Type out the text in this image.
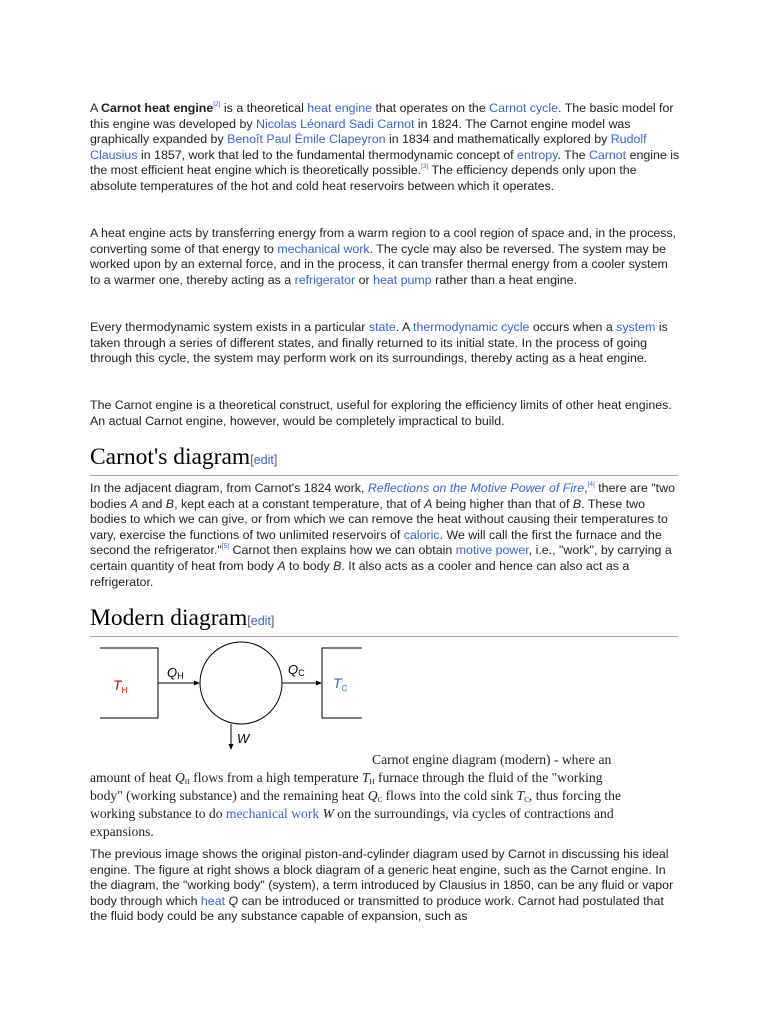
A Carnot heat engine[2] is a theoretical heat engine that operates on the Carnot cycle. The basic model for this engine was developed by Nicolas Léonard Sadi Carnot in 1824. The Carnot engine model was graphically expanded by Benoît Paul Émile Clapeyron in 1834 and mathematically explored by Rudolf Clausius in 1857, work that led to the fundamental thermodynamic concept of entropy. The Carnot engine is the most efficient heat engine which is theoretically possible.[3] The efficiency depends only upon the absolute temperatures of the hot and cold heat reservoirs between which it operates.

A heat engine acts by transferring energy from a warm region to a cool region of space and, in the process, converting some of that energy to mechanical work. The cycle may also be reversed. The system may be worked upon by an external force, and in the process, it can transfer thermal energy from a cooler system to a warmer one, thereby acting as a refrigerator or heat pump rather than a heat engine.

Every thermodynamic system exists in a particular state. A thermodynamic cycle occurs when a system is taken through a series of different states, and finally returned to its initial state. In the process of going through this cycle, the system may perform work on its surroundings, thereby acting as a heat engine.

The Carnot engine is a theoretical construct, useful for exploring the efficiency limits of other heat engines. An actual Carnot engine, however, would be completely impractical to build.

Carnot's diagram[edit]

In the adjacent diagram, from Carnot's 1824 work, Reflections on the Motive Power of Fire,[4] there are "two bodies A and B, kept each at a constant temperature, that of A being higher than that of B. These two bodies to which we can give, or from which we can remove the heat without causing their temperatures to vary, exercise the functions of two unlimited reservoirs of caloric. We will call the first the furnace and the second the refrigerator."[5] Carnot then explains how we can obtain motive power, i.e., "work", by carrying a certain quantity of heat from body A to body B. It also acts as a cooler and hence can also act as a refrigerator.

Modern diagram[edit]
$T_H$
QH	QC
$T_C$
W
Carnot engine diagram (modern) - where an
amount of heat $Q_H$ flows from a high temperature $T_H$ furnace through the fluid of the "working
body" (working substance) and the remaining heat $Q_C$ flows into the cold sink $T_C$, thus forcing the
working substance to do mechanical work W on the surroundings, via cycles of contractions and
expansions.

The previous image shows the original piston-and-cylinder diagram used by Carnot in discussing his ideal engine. The figure at right shows a block diagram of a generic heat engine, such as the Carnot engine. In the diagram, the "working body" (system), a term introduced by Clausius in 1850, can be any fluid or vapor body through which heat Q can be introduced or transmitted to produce work. Carnot had postulated that the fluid body could be any substance capable of expansion, such as
